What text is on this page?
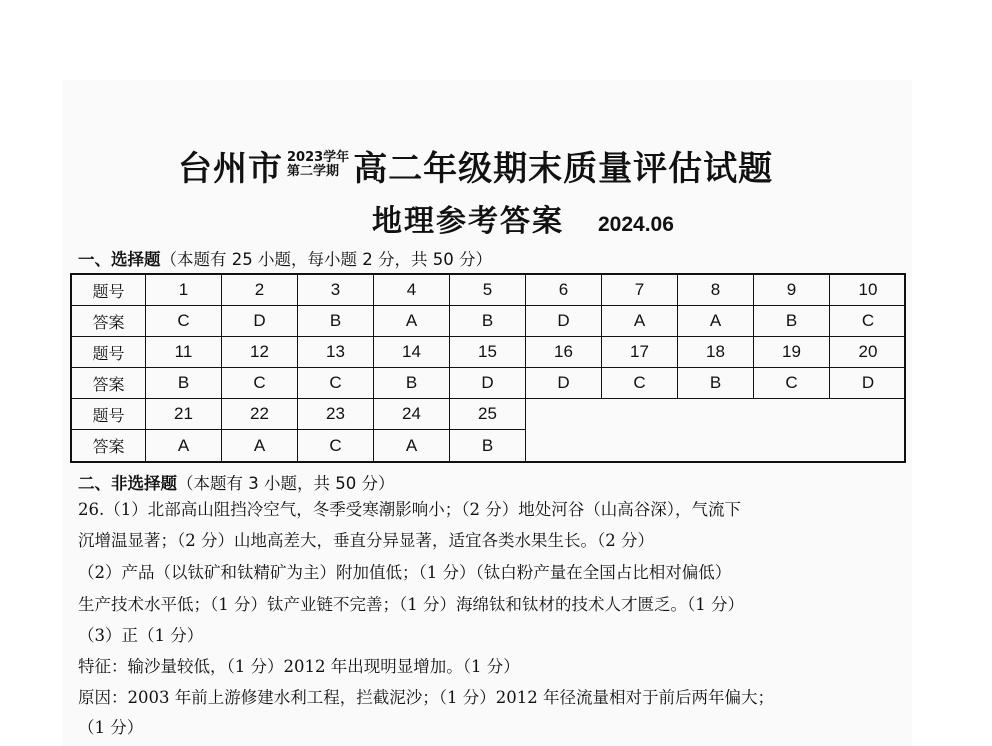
台州市 2023学年
第二学期 高二年级期末质量评估试题
地理参考答案 2024.06
一、选择题（本题有 25 小题，每小题 2 分，共 50 分）
题号	1	2	3	4	5	6	7	8	9	10
答案	C	D	B	A	B	D	A	A	B	C
题号	11	12	13	14	15	16	17	18	19	20
答案	B	C	C	B	D	D	C	B	C	D
题号	21	22	23	24	25
答案	A	A	C	A	B
二、非选择题（本题有 3 小题，共 50 分）
26.（1）北部高山阻挡冷空气，冬季受寒潮影响小；（2 分）地处河谷（山高谷深），气流下
沉增温显著；（2 分）山地高差大，垂直分异显著，适宜各类水果生长。（2 分）
（2）产品（以钛矿和钛精矿为主）附加值低；（1 分）（钛白粉产量在全国占比相对偏低）
生产技术水平低；（1 分）钛产业链不完善；（1 分）海绵钛和钛材的技术人才匮乏。（1 分）
（3）正（1 分）
特征：输沙量较低，（1 分）2012 年出现明显增加。（1 分）
原因：2003 年前上游修建水利工程，拦截泥沙；（1 分）2012 年径流量相对于前后两年偏大；
（1 分）
